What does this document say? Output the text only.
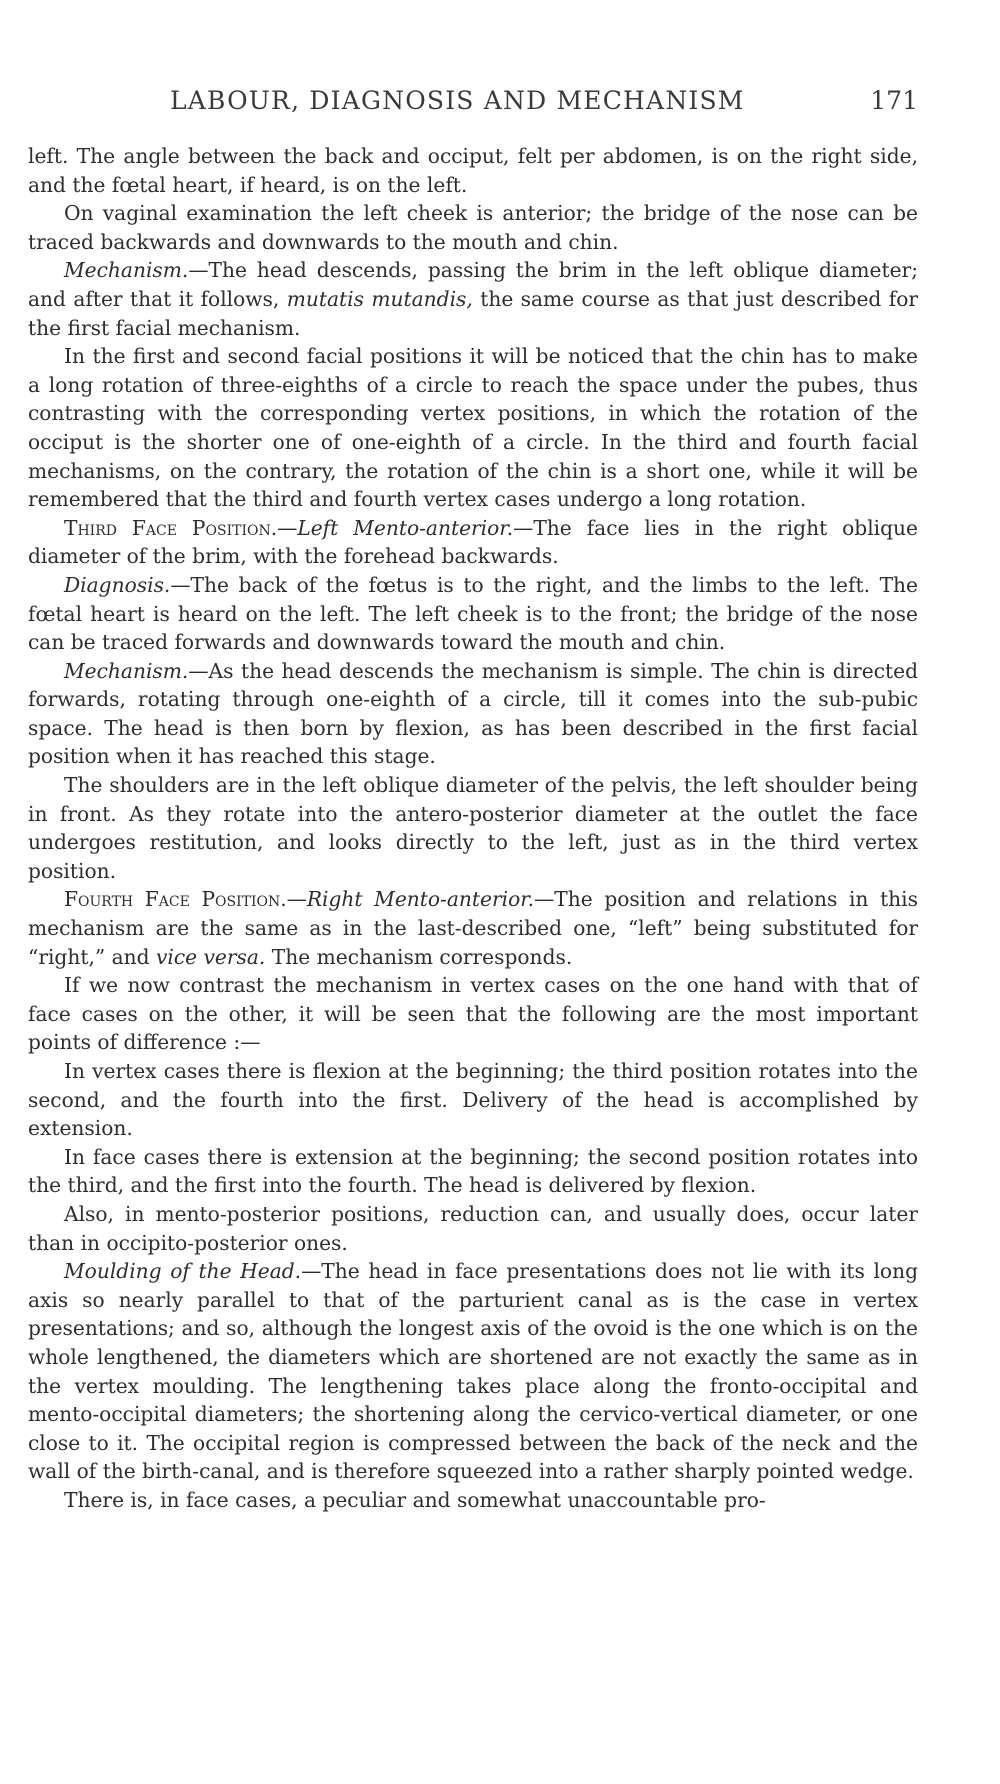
LABOUR, DIAGNOSIS AND MECHANISM	171

left. The angle between the back and occiput, felt per abdomen, is on the right side, and the fœtal heart, if heard, is on the left.

On vaginal examination the left cheek is anterior; the bridge of the nose can be traced backwards and downwards to the mouth and chin.

Mechanism.—The head descends, passing the brim in the left oblique diameter; and after that it follows, mutatis mutandis, the same course as that just described for the first facial mechanism.

In the first and second facial positions it will be noticed that the chin has to make a long rotation of three-eighths of a circle to reach the space under the pubes, thus contrasting with the corresponding vertex positions, in which the rotation of the occiput is the shorter one of one-eighth of a circle. In the third and fourth facial mechanisms, on the contrary, the rotation of the chin is a short one, while it will be remembered that the third and fourth vertex cases undergo a long rotation.

Third Face Position.—Left Mento-anterior.—The face lies in the right oblique diameter of the brim, with the forehead backwards.

Diagnosis.—The back of the fœtus is to the right, and the limbs to the left. The fœtal heart is heard on the left. The left cheek is to the front; the bridge of the nose can be traced forwards and downwards toward the mouth and chin.

Mechanism.—As the head descends the mechanism is simple. The chin is directed forwards, rotating through one-eighth of a circle, till it comes into the sub-pubic space. The head is then born by flexion, as has been described in the first facial position when it has reached this stage.

The shoulders are in the left oblique diameter of the pelvis, the left shoulder being in front. As they rotate into the antero-posterior diameter at the outlet the face undergoes restitution, and looks directly to the left, just as in the third vertex position.

Fourth Face Position.—Right Mento-anterior.—The position and relations in this mechanism are the same as in the last-described one, “left” being substituted for “right,” and vice versa. The mechanism corresponds.

If we now contrast the mechanism in vertex cases on the one hand with that of face cases on the other, it will be seen that the following are the most important points of difference :—

In vertex cases there is flexion at the beginning; the third position rotates into the second, and the fourth into the first. Delivery of the head is accomplished by extension.

In face cases there is extension at the beginning; the second position rotates into the third, and the first into the fourth. The head is delivered by flexion.

Also, in mento-posterior positions, reduction can, and usually does, occur later than in occipito-posterior ones.

Moulding of the Head.—The head in face presentations does not lie with its long axis so nearly parallel to that of the parturient canal as is the case in vertex presentations; and so, although the longest axis of the ovoid is the one which is on the whole lengthened, the diameters which are shortened are not exactly the same as in the vertex moulding. The lengthening takes place along the fronto-occipital and mento-occipital diameters; the shortening along the cervico-vertical diameter, or one close to it. The occipital region is compressed between the back of the neck and the wall of the birth-canal, and is therefore squeezed into a rather sharply pointed wedge.

There is, in face cases, a peculiar and somewhat unaccountable pro-
